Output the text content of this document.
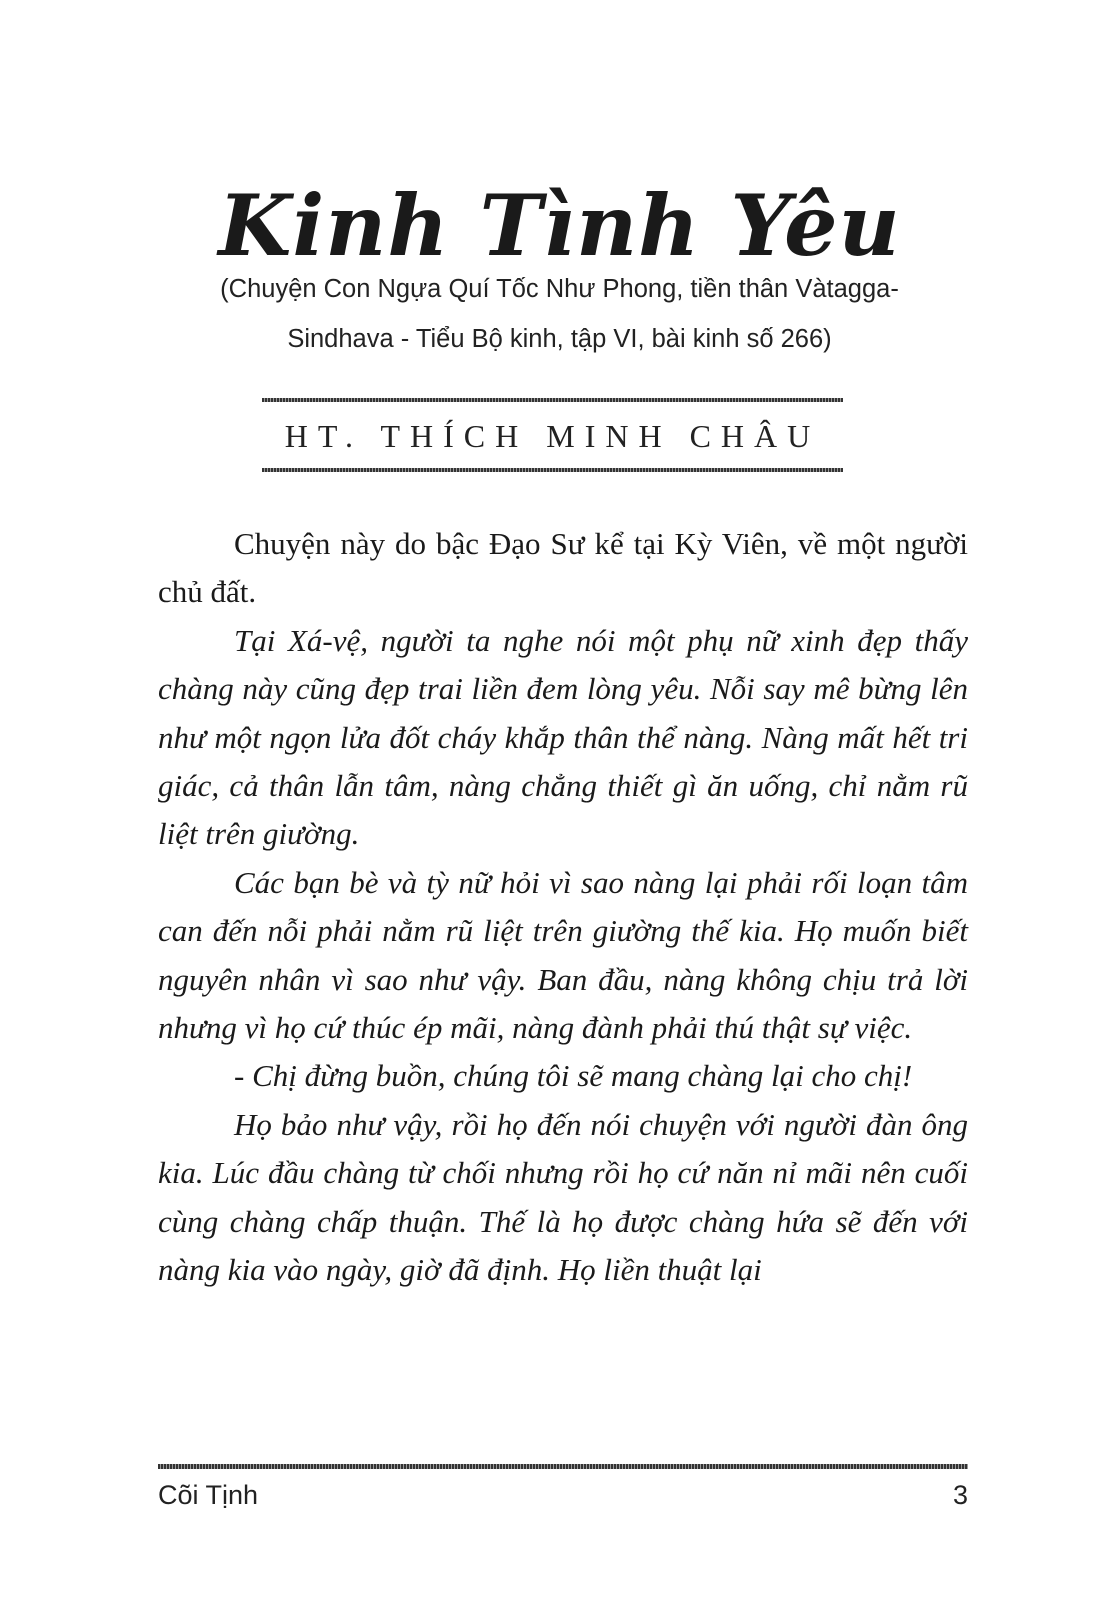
Kinh Tình Yêu
(Chuyện Con Ngựa Quí Tốc Như Phong, tiền thân Vàtagga-
Sindhava - Tiểu Bộ kinh, tập VI, bài kinh số 266)
HT. THÍCH MINH CHÂU

Chuyện này do bậc Đạo Sư kể tại Kỳ Viên, về một người chủ đất.

Tại Xá-vệ, người ta nghe nói một phụ nữ xinh đẹp thấy chàng này cũng đẹp trai liền đem lòng yêu. Nỗi say mê bừng lên như một ngọn lửa đốt cháy khắp thân thể nàng. Nàng mất hết tri giác, cả thân lẫn tâm, nàng chẳng thiết gì ăn uống, chỉ nằm rũ liệt trên giường.

Các bạn bè và tỳ nữ hỏi vì sao nàng lại phải rối loạn tâm can đến nỗi phải nằm rũ liệt trên giường thế kia. Họ muốn biết nguyên nhân vì sao như vậy. Ban đầu, nàng không chịu trả lời nhưng vì họ cứ thúc ép mãi, nàng đành phải thú thật sự việc.

- Chị đừng buồn, chúng tôi sẽ mang chàng lại cho chị!

Họ bảo như vậy, rồi họ đến nói chuyện với người đàn ông kia. Lúc đầu chàng từ chối nhưng rồi họ cứ năn nỉ mãi nên cuối cùng chàng chấp thuận. Thế là họ được chàng hứa sẽ đến với nàng kia vào ngày, giờ đã định. Họ liền thuật lại

Cõi Tịnh	3
